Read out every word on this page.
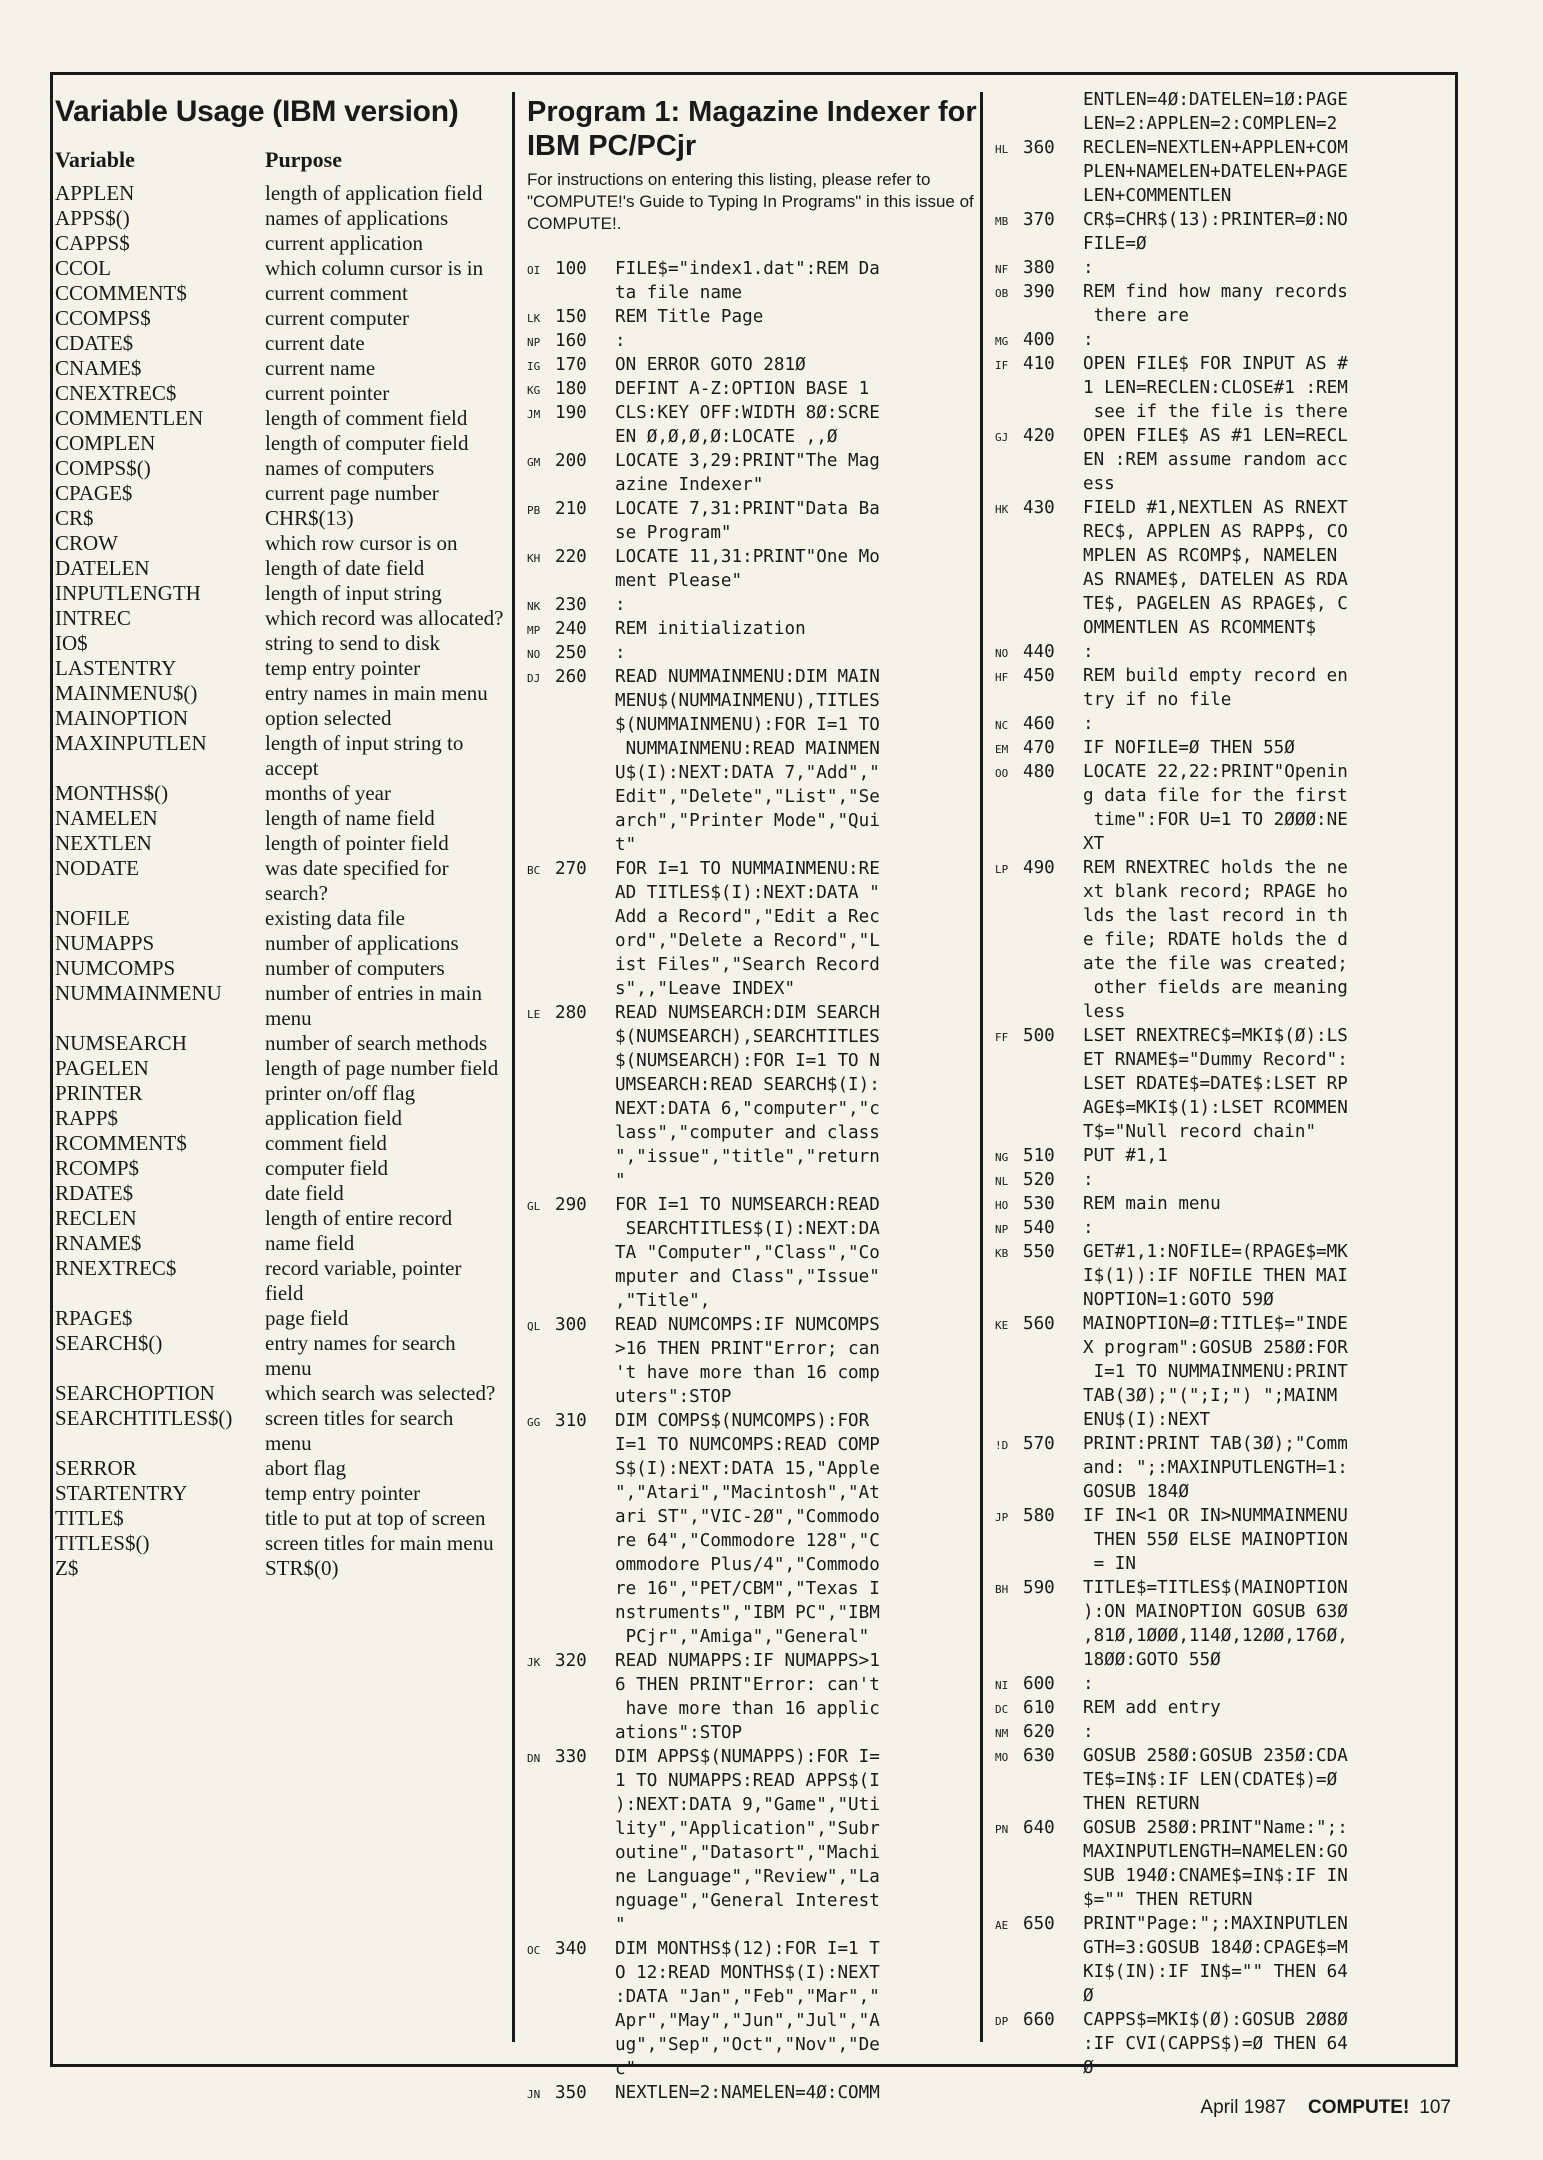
Variable Usage (IBM version)
Variable	Purpose
APPLEN	length of application field
APPS$()	names of applications
CAPPS$	current application
CCOL	which column cursor is in
CCOMMENT$	current comment
CCOMPS$	current computer
CDATE$	current date
CNAME$	current name
CNEXTREC$	current pointer
COMMENTLEN	length of comment field
COMPLEN	length of computer field
COMPS$()	names of computers
CPAGE$	current page number
CR$	CHR$(13)
CROW	which row cursor is on
DATELEN	length of date field
INPUTLENGTH	length of input string
INTREC	which record was allocated?
IO$	string to send to disk
LASTENTRY	temp entry pointer
MAINMENU$()	entry names in main menu
MAINOPTION	option selected
MAXINPUTLEN	length of input string to accept
MONTHS$()	months of year
NAMELEN	length of name field
NEXTLEN	length of pointer field
NODATE	was date specified for search?
NOFILE	existing data file
NUMAPPS	number of applications
NUMCOMPS	number of computers
NUMMAINMENU	number of entries in main menu
NUMSEARCH	number of search methods
PAGELEN	length of page number field
PRINTER	printer on/off flag
RAPP$	application field
RCOMMENT$	comment field
RCOMP$	computer field
RDATE$	date field
RECLEN	length of entire record
RNAME$	name field
RNEXTREC$	record variable, pointer field
RPAGE$	page field
SEARCH$()	entry names for search menu
SEARCHOPTION	which search was selected?
SEARCHTITLES$()	screen titles for search menu
SERROR	abort flag
STARTENTRY	temp entry pointer
TITLE$	title to put at top of screen
TITLES$()	screen titles for main menu
Z$	STR$(0)
Program 1: Magazine Indexer for IBM PC/PCjr
For instructions on entering this listing, please refer to "COMPUTE!'s Guide to Typing In Programs" in this issue of COMPUTE!.
OI 100 FILE$="index1.dat":REM Da
ta file name
LK 150 REM Title Page
NP 160 :
IG 170 ON ERROR GOTO 281Ø
KG 180 DEFINT A-Z:OPTION BASE 1
JM 190 CLS:KEY OFF:WIDTH 8Ø:SCRE
EN Ø,Ø,Ø,Ø:LOCATE ,,Ø
GM 200 LOCATE 3,29:PRINT"The Mag
azine Indexer"
PB 210 LOCATE 7,31:PRINT"Data Ba
se Program"
KH 220 LOCATE 11,31:PRINT"One Mo
ment Please"
NK 230 :
MP 240 REM initialization
NO 250 :
DJ 260 READ NUMMAINMENU:DIM MAIN
MENU$(NUMMAINMENU),TITLES
$(NUMMAINMENU):FOR I=1 TO
NUMMAINMENU:READ MAINMEN
U$(I):NEXT:DATA 7,"Add","
Edit","Delete","List","Se
arch","Printer Mode","Qui
t"
BC 270 FOR I=1 TO NUMMAINMENU:RE
AD TITLES$(I):NEXT:DATA "
Add a Record","Edit a Rec
ord","Delete a Record","L
ist Files","Search Record
s",,"Leave INDEX"
LE 280 READ NUMSEARCH:DIM SEARCH
$(NUMSEARCH),SEARCHTITLES
$(NUMSEARCH):FOR I=1 TO N
UMSEARCH:READ SEARCH$(I):
NEXT:DATA 6,"computer","c
lass","computer and class
","issue","title","return
"
GL 290 FOR I=1 TO NUMSEARCH:READ
SEARCHTITLES$(I):NEXT:DA
TA "Computer","Class","Co
mputer and Class","Issue"
,"Title",
QL 300 READ NUMCOMPS:IF NUMCOMPS
>16 THEN PRINT"Error; can
't have more than 16 comp
uters":STOP
GG 310 DIM COMPS$(NUMCOMPS):FOR
I=1 TO NUMCOMPS:READ COMP
S$(I):NEXT:DATA 15,"Apple
","Atari","Macintosh","At
ari ST","VIC-2Ø","Commodo
re 64","Commodore 128","C
ommodore Plus/4","Commodo
re 16","PET/CBM","Texas I
nstruments","IBM PC","IBM
PCjr","Amiga","General"
JK 320 READ NUMAPPS:IF NUMAPPS>1
6 THEN PRINT"Error: can't
have more than 16 applic
ations":STOP
DN 330 DIM APPS$(NUMAPPS):FOR I=
1 TO NUMAPPS:READ APPS$(I
):NEXT:DATA 9,"Game","Uti
lity","Application","Subr
outine","Datasort","Machi
ne Language","Review","La
nguage","General Interest
"
OC 340 DIM MONTHS$(12):FOR I=1 T
O 12:READ MONTHS$(I):NEXT
:DATA "Jan","Feb","Mar","
Apr","May","Jun","Jul","A
ug","Sep","Oct","Nov","De
c"
JN 350 NEXTLEN=2:NAMELEN=4Ø:COMM
ENTLEN=4Ø:DATELEN=1Ø:PAGE
LEN=2:APPLEN=2:COMPLEN=2
HL 360 RECLEN=NEXTLEN+APPLEN+COM
PLEN+NAMELEN+DATELEN+PAGE
LEN+COMMENTLEN
MB 370 CR$=CHR$(13):PRINTER=Ø:NO
FILE=Ø
NF 380 :
OB 390 REM find how many records
there are
MG 400 :
IF 410 OPEN FILE$ FOR INPUT AS #
1 LEN=RECLEN:CLOSE#1 :REM
see if the file is there
GJ 420 OPEN FILE$ AS #1 LEN=RECL
EN :REM assume random acc
ess
HK 430 FIELD #1,NEXTLEN AS RNEXT
REC$, APPLEN AS RAPP$, CO
MPLEN AS RCOMP$, NAMELEN
AS RNAME$, DATELEN AS RDA
TE$, PAGELEN AS RPAGE$, C
OMMENTLEN AS RCOMMENT$
NO 440 :
HF 450 REM build empty record en
try if no file
NC 460 :
EM 470 IF NOFILE=Ø THEN 55Ø
OO 480 LOCATE 22,22:PRINT"Openin
g data file for the first
time":FOR U=1 TO 2ØØØ:NE
XT
LP 490 REM RNEXTREC holds the ne
xt blank record; RPAGE ho
lds the last record in th
e file; RDATE holds the d
ate the file was created;
other fields are meaning
less
FF 500 LSET RNEXTREC$=MKI$(Ø):LS
ET RNAME$="Dummy Record":
LSET RDATE$=DATE$:LSET RP
AGE$=MKI$(1):LSET RCOMMEN
T$="Null record chain"
NG 510 PUT #1,1
NL 520 :
HO 530 REM main menu
NP 540 :
KB 550 GET#1,1:NOFILE=(RPAGE$=MK
I$(1)):IF NOFILE THEN MAI
NOPTION=1:GOTO 59Ø
KE 560 MAINOPTION=Ø:TITLE$="INDE
X program":GOSUB 258Ø:FOR
I=1 TO NUMMAINMENU:PRINT
TAB(3Ø);"(";I;") ";MAINM
ENU$(I):NEXT
!D 570 PRINT:PRINT TAB(3Ø);"Comm
and: ";:MAXINPUTLENGTH=1:
GOSUB 184Ø
JP 580 IF IN<1 OR IN>NUMMAINMENU
THEN 55Ø ELSE MAINOPTION
= IN
BH 590 TITLE$=TITLES$(MAINOPTION
):ON MAINOPTION GOSUB 63Ø
,81Ø,1ØØØ,114Ø,12ØØ,176Ø,
18ØØ:GOTO 55Ø
NI 600 :
DC 610 REM add entry
NM 620 :
MO 630 GOSUB 258Ø:GOSUB 235Ø:CDA
TE$=IN$:IF LEN(CDATE$)=Ø
THEN RETURN
PN 640 GOSUB 258Ø:PRINT"Name:";:
MAXINPUTLENGTH=NAMELEN:GO
SUB 194Ø:CNAME$=IN$:IF IN
$="" THEN RETURN
AE 650 PRINT"Page:";:MAXINPUTLEN
GTH=3:GOSUB 184Ø:CPAGE$=M
KI$(IN):IF IN$="" THEN 64
Ø
DP 660 CAPPS$=MKI$(Ø):GOSUB 2Ø8Ø
:IF CVI(CAPPS$)=Ø THEN 64
Ø
April 1987 COMPUTE! 107
